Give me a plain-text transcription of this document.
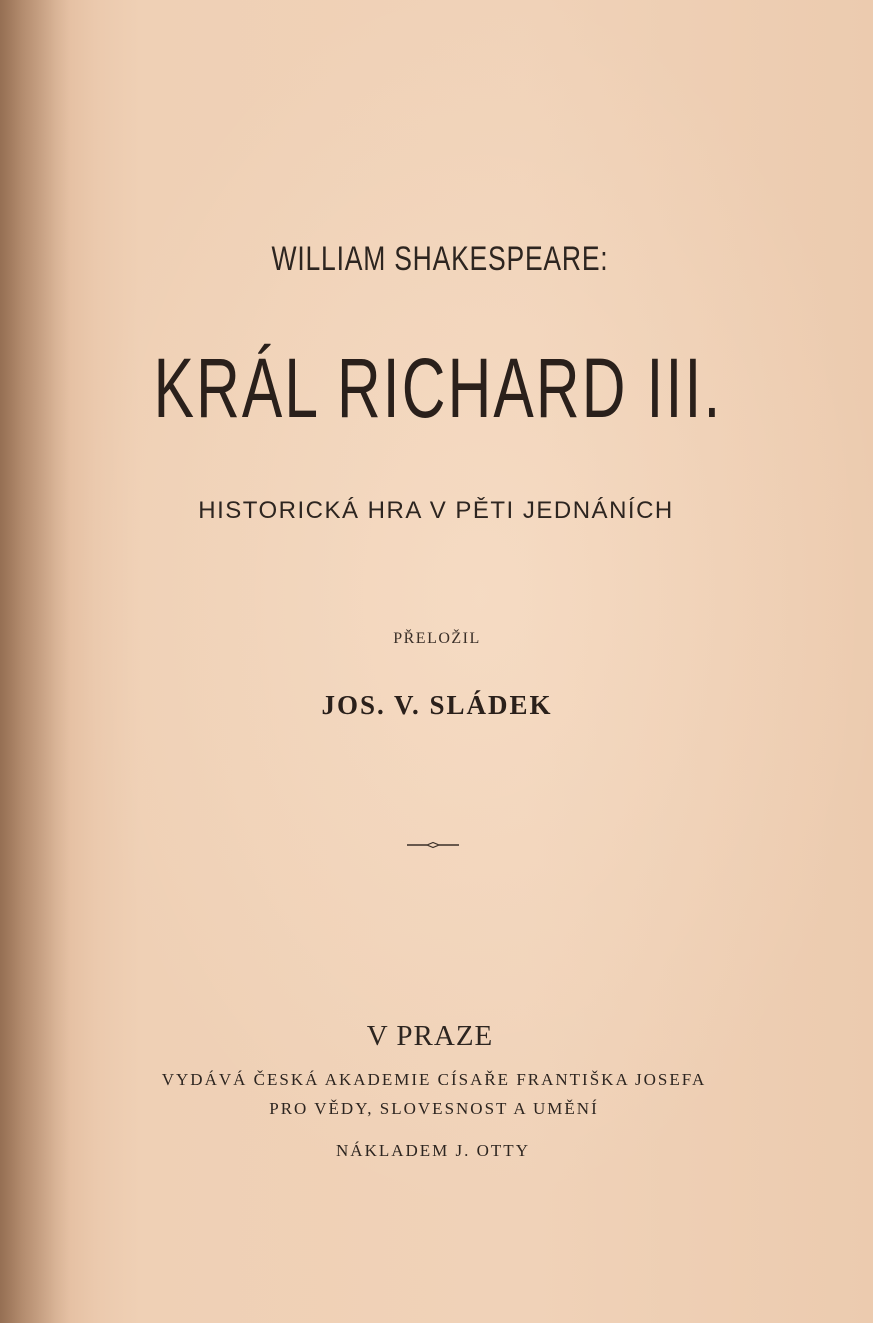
WILLIAM SHAKESPEARE:

KRÁL RICHARD III.

HISTORICKÁ HRA V PĚTI JEDNÁNÍCH

PŘELOŽIL

JOS. V. SLÁDEK

V PRAZE

VYDÁVÁ ČESKÁ AKADEMIE CÍSAŘE FRANTIŠKA JOSEFA

PRO VĚDY, SLOVESNOST A UMĚNÍ

NÁKLADEM J. OTTY
